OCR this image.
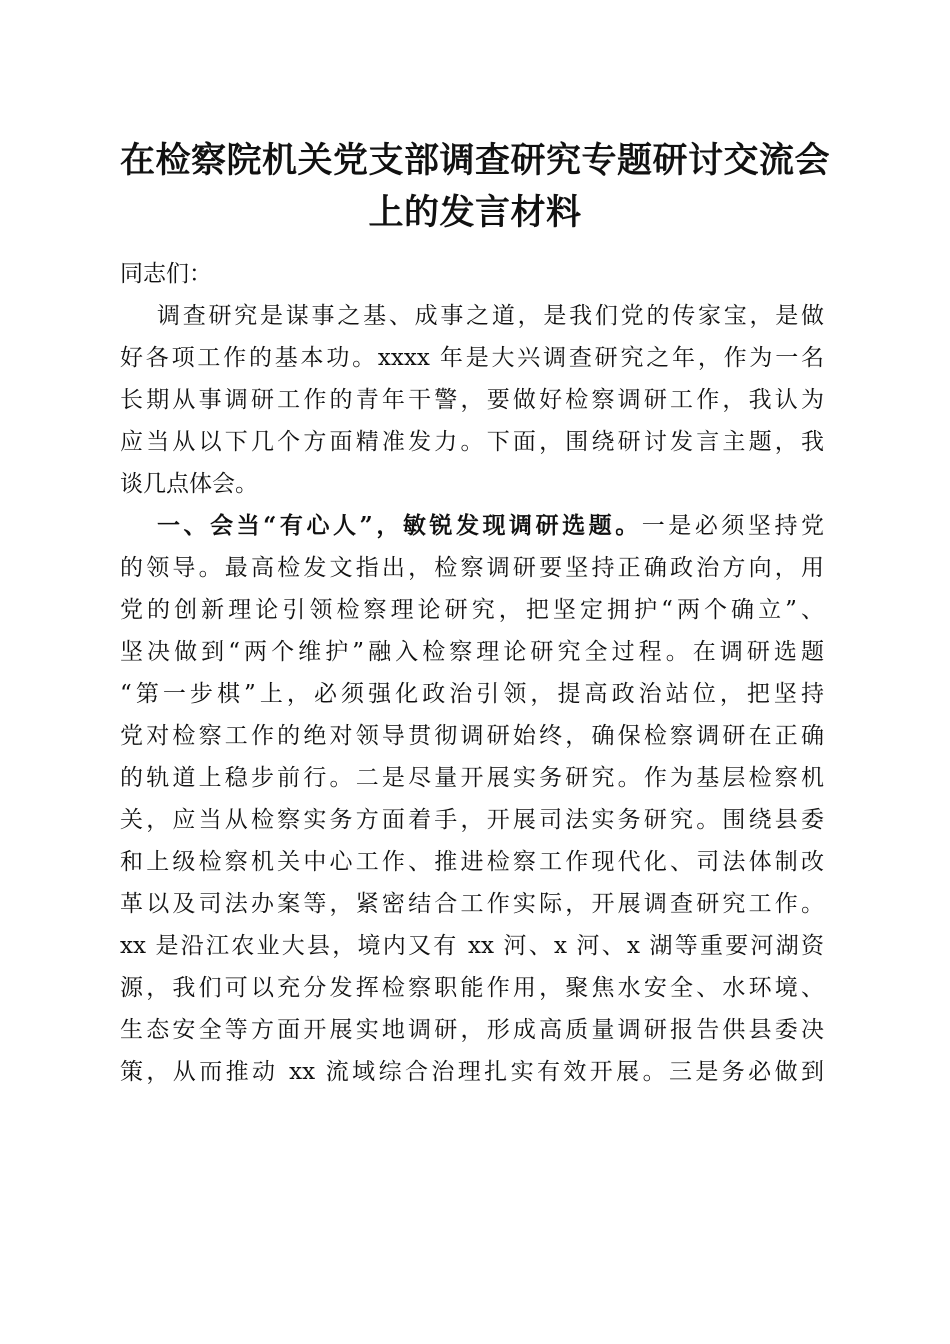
在检察院机关党支部调查研究专题研讨交流会
上的发言材料
同志们：
调查研究是谋事之基、成事之道，是我们党的传家宝，是做
好各项工作的基本功。xxxx 年是大兴调查研究之年，作为一名
长期从事调研工作的青年干警，要做好检察调研工作，我认为
应当从以下几个方面精准发力。下面，围绕研讨发言主题，我
谈几点体会。
一、会当“有心人”，敏锐发现调研选题。一是必须坚持党
的领导。最高检发文指出，检察调研要坚持正确政治方向，用
党的创新理论引领检察理论研究，把坚定拥护“两个确立”、
坚决做到“两个维护”融入检察理论研究全过程。在调研选题
“第一步棋”上，必须强化政治引领，提高政治站位，把坚持
党对检察工作的绝对领导贯彻调研始终，确保检察调研在正确
的轨道上稳步前行。二是尽量开展实务研究。作为基层检察机
关，应当从检察实务方面着手，开展司法实务研究。围绕县委
和上级检察机关中心工作、推进检察工作现代化、司法体制改
革以及司法办案等，紧密结合工作实际，开展调查研究工作。
xx 是沿江农业大县，境内又有 xx 河、x 河、x 湖等重要河湖资
源，我们可以充分发挥检察职能作用，聚焦水安全、水环境、
生态安全等方面开展实地调研，形成高质量调研报告供县委决
策，从而推动 xx 流域综合治理扎实有效开展。三是务必做到
